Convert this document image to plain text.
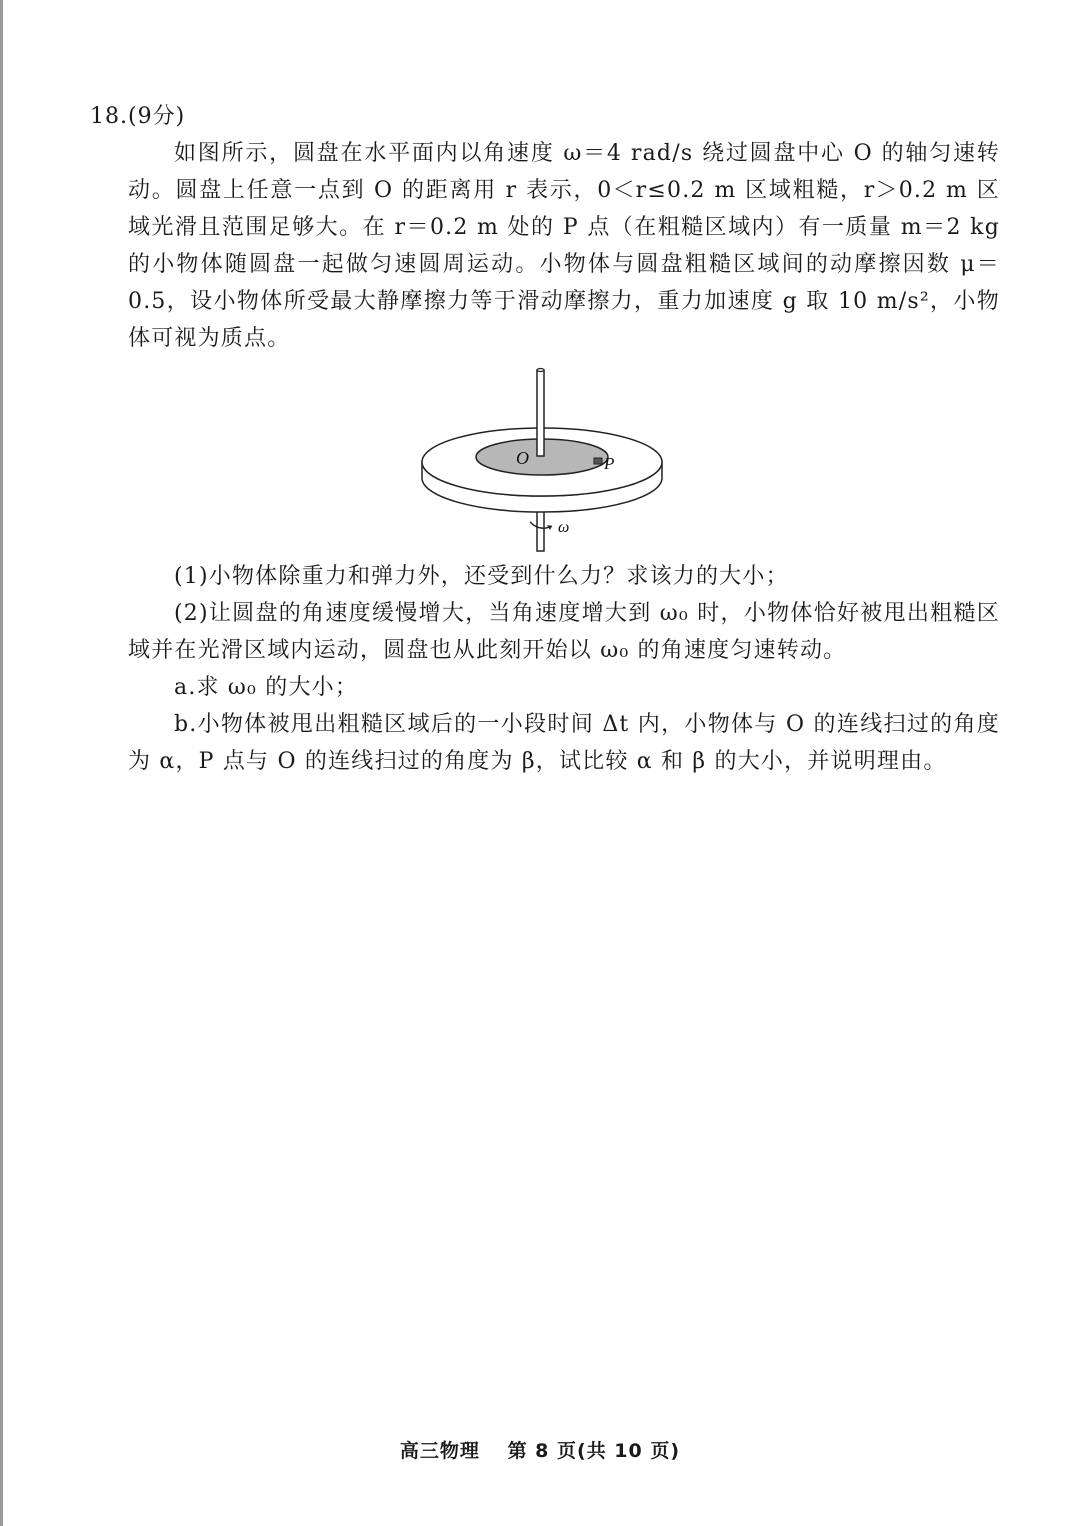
18.(9分)
如图所示，圆盘在水平面内以角速度 ω＝4 rad/s 绕过圆盘中心 O 的轴匀速转动。圆盘上任意一点到 O 的距离用 r 表示，0＜r≤0.2 m 区域粗糙，r＞0.2 m 区域光滑且范围足够大。在 r＝0.2 m 处的 P 点（在粗糙区域内）有一质量 m＝2 kg 的小物体随圆盘一起做匀速圆周运动。小物体与圆盘粗糙区域间的动摩擦因数 μ＝0.5，设小物体所受最大静摩擦力等于滑动摩擦力，重力加速度 g 取 10 m/s²，小物体可视为质点。
O	P
ω
(1)小物体除重力和弹力外，还受到什么力？求该力的大小；
(2)让圆盘的角速度缓慢增大，当角速度增大到 ω₀ 时，小物体恰好被甩出粗糙区域并在光滑区域内运动，圆盘也从此刻开始以 ω₀ 的角速度匀速转动。
a.求 ω₀ 的大小；
b.小物体被甩出粗糙区域后的一小段时间 Δt 内，小物体与 O 的连线扫过的角度为 α，P 点与 O 的连线扫过的角度为 β，试比较 α 和 β 的大小，并说明理由。
高三物理 第 8 页(共 10 页)
